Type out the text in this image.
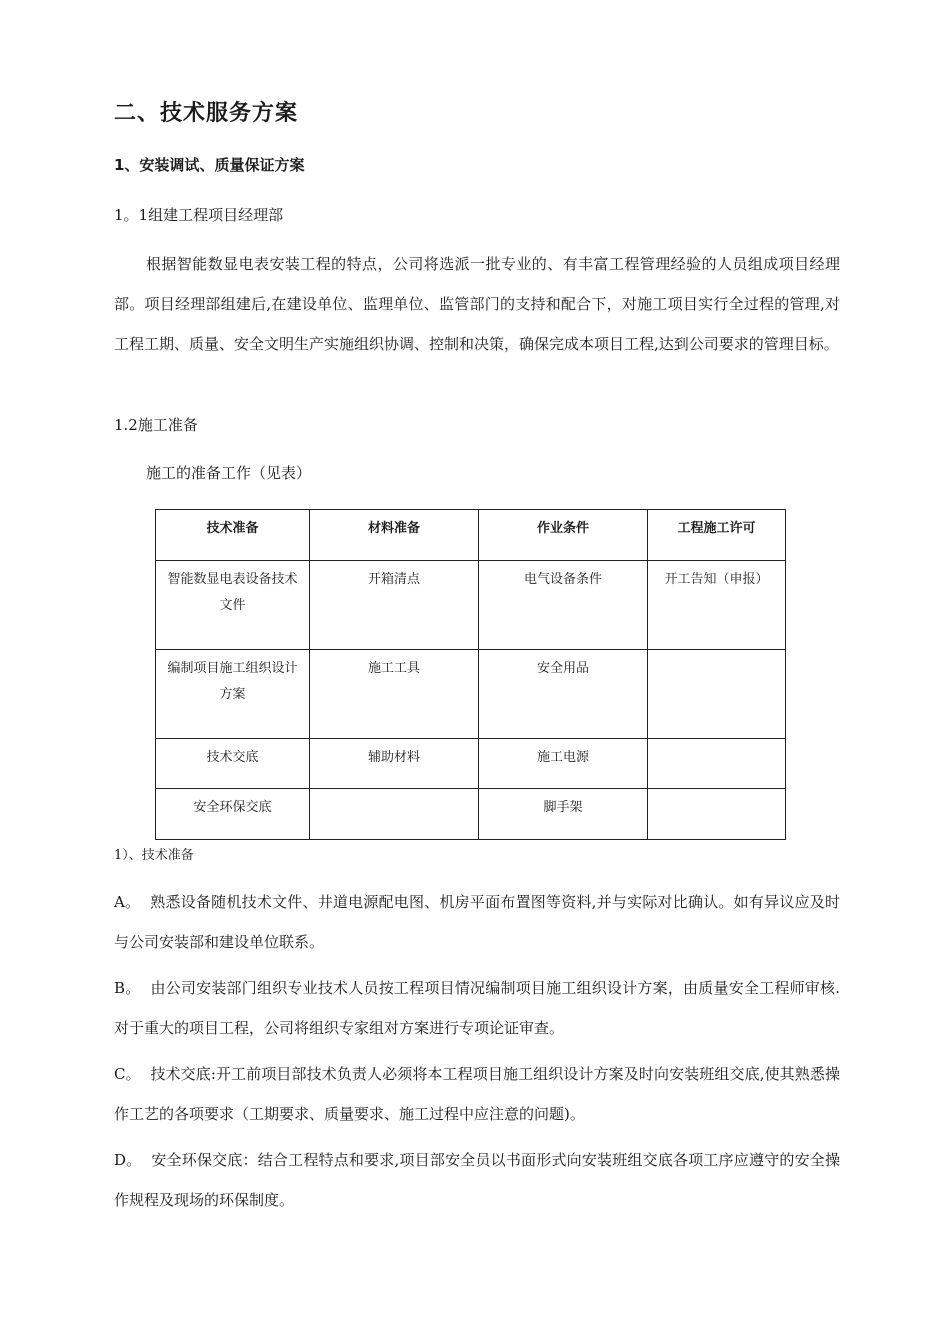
二、技术服务方案
1、安装调试、质量保证方案
1。1组建工程项目经理部
根据智能数显电表安装工程的特点，公司将选派一批专业的、有丰富工程管理经验的人员组成项目经理部。项目经理部组建后,在建设单位、监理单位、监管部门的支持和配合下，对施工项目实行全过程的管理,对工程工期、质量、安全文明生产实施组织协调、控制和决策，确保完成本项目工程,达到公司要求的管理目标。
1.2施工准备
施工的准备工作（见表）
技术准备	材料准备	作业条件	工程施工许可
智能数显电表设备技术文件	开箱清点	电气设备条件	开工告知（申报）
编制项目施工组织设计方案	施工工具	安全用品	
技术交底	辅助材料	施工电源	
安全环保交底		脚手架	
1）、技术准备
A。 熟悉设备随机技术文件、井道电源配电图、机房平面布置图等资料,并与实际对比确认。如有异议应及时与公司安装部和建设单位联系。
B。 由公司安装部门组织专业技术人员按工程项目情况编制项目施工组织设计方案，由质量安全工程师审核.对于重大的项目工程，公司将组织专家组对方案进行专项论证审查。
C。 技术交底:开工前项目部技术负责人必须将本工程项目施工组织设计方案及时向安装班组交底,使其熟悉操作工艺的各项要求（工期要求、质量要求、施工过程中应注意的问题)。
D。 安全环保交底：结合工程特点和要求,项目部安全员以书面形式向安装班组交底各项工序应遵守的安全操作规程及现场的环保制度。
